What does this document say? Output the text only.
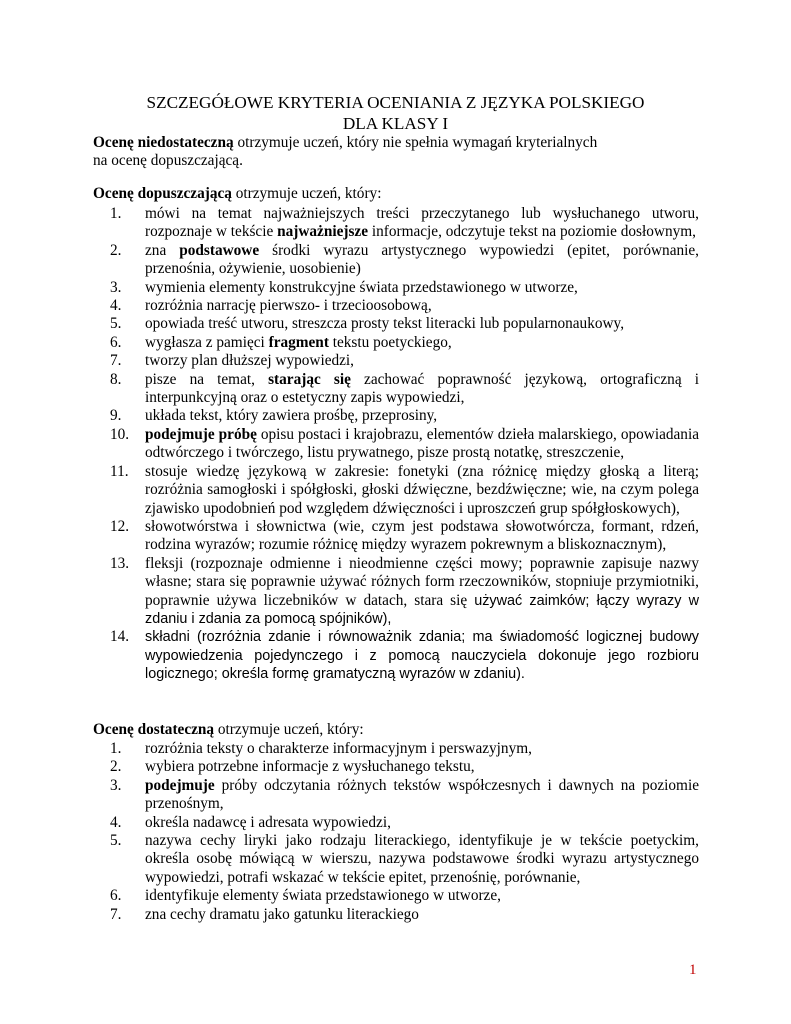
SZCZEGÓŁOWE KRYTERIA OCENIANIA Z JĘZYKA POLSKIEGO
DLA KLASY I
Ocenę niedostateczną otrzymuje uczeń, który nie spełnia wymagań kryterialnych
na ocenę dopuszczającą.
Ocenę dopuszczającą otrzymuje uczeń, który:
1. mówi na temat najważniejszych treści przeczytanego lub wysłuchanego utworu, rozpoznaje w tekście najważniejsze informacje, odczytuje tekst na poziomie dosłownym,
2. zna podstawowe środki wyrazu artystycznego wypowiedzi (epitet, porównanie, przenośnia, ożywienie, uosobienie)
3. wymienia elementy konstrukcyjne świata przedstawionego w utworze,
4. rozróżnia narrację pierwszo- i trzecioosobową,
5. opowiada treść utworu, streszcza prosty tekst literacki lub popularnonaukowy,
6. wygłasza z pamięci fragment tekstu poetyckiego,
7. tworzy plan dłuższej wypowiedzi,
8. pisze na temat, starając się zachować poprawność językową, ortograficzną i interpunkcyjną oraz o estetyczny zapis wypowiedzi,
9. układa tekst, który zawiera prośbę, przeprosiny,
10. podejmuje próbę opisu postaci i krajobrazu, elementów dzieła malarskiego, opowiadania odtwórczego i twórczego, listu prywatnego, pisze prostą notatkę, streszczenie,
11. stosuje wiedzę językową w zakresie: fonetyki (zna różnicę między głoską a literą; rozróżnia samogłoski i spółgłoski, głoski dźwięczne, bezdźwięczne; wie, na czym polega zjawisko upodobnień pod względem dźwięczności i uproszczeń grup spółgłoskowych),
12. słowotwórstwa i słownictwa (wie, czym jest podstawa słowotwórcza, formant, rdzeń, rodzina wyrazów; rozumie różnicę między wyrazem pokrewnym a bliskoznacznym),
13. fleksji (rozpoznaje odmienne i nieodmienne części mowy; poprawnie zapisuje nazwy własne; stara się poprawnie używać różnych form rzeczowników, stopniuje przymiotniki, poprawnie używa liczebników w datach, stara się używać zaimków; łączy wyrazy w zdaniu i zdania za pomocą spójników),
14. składni (rozróżnia zdanie i równoważnik zdania; ma świadomość logicznej budowy wypowiedzenia pojedynczego i z pomocą nauczyciela dokonuje jego rozbioru logicznego; określa formę gramatyczną wyrazów w zdaniu).
Ocenę dostateczną otrzymuje uczeń, który:
1. rozróżnia teksty o charakterze informacyjnym i perswazyjnym,
2. wybiera potrzebne informacje z wysłuchanego tekstu,
3. podejmuje próby odczytania różnych tekstów współczesnych i dawnych na poziomie przenośnym,
4. określa nadawcę i adresata wypowiedzi,
5. nazywa cechy liryki jako rodzaju literackiego, identyfikuje je w tekście poetyckim, określa osobę mówiącą w wierszu, nazywa podstawowe środki wyrazu artystycznego wypowiedzi, potrafi wskazać w tekście epitet, przenośnię, porównanie,
6. identyfikuje elementy świata przedstawionego w utworze,
7. zna cechy dramatu jako gatunku literackiego
1
